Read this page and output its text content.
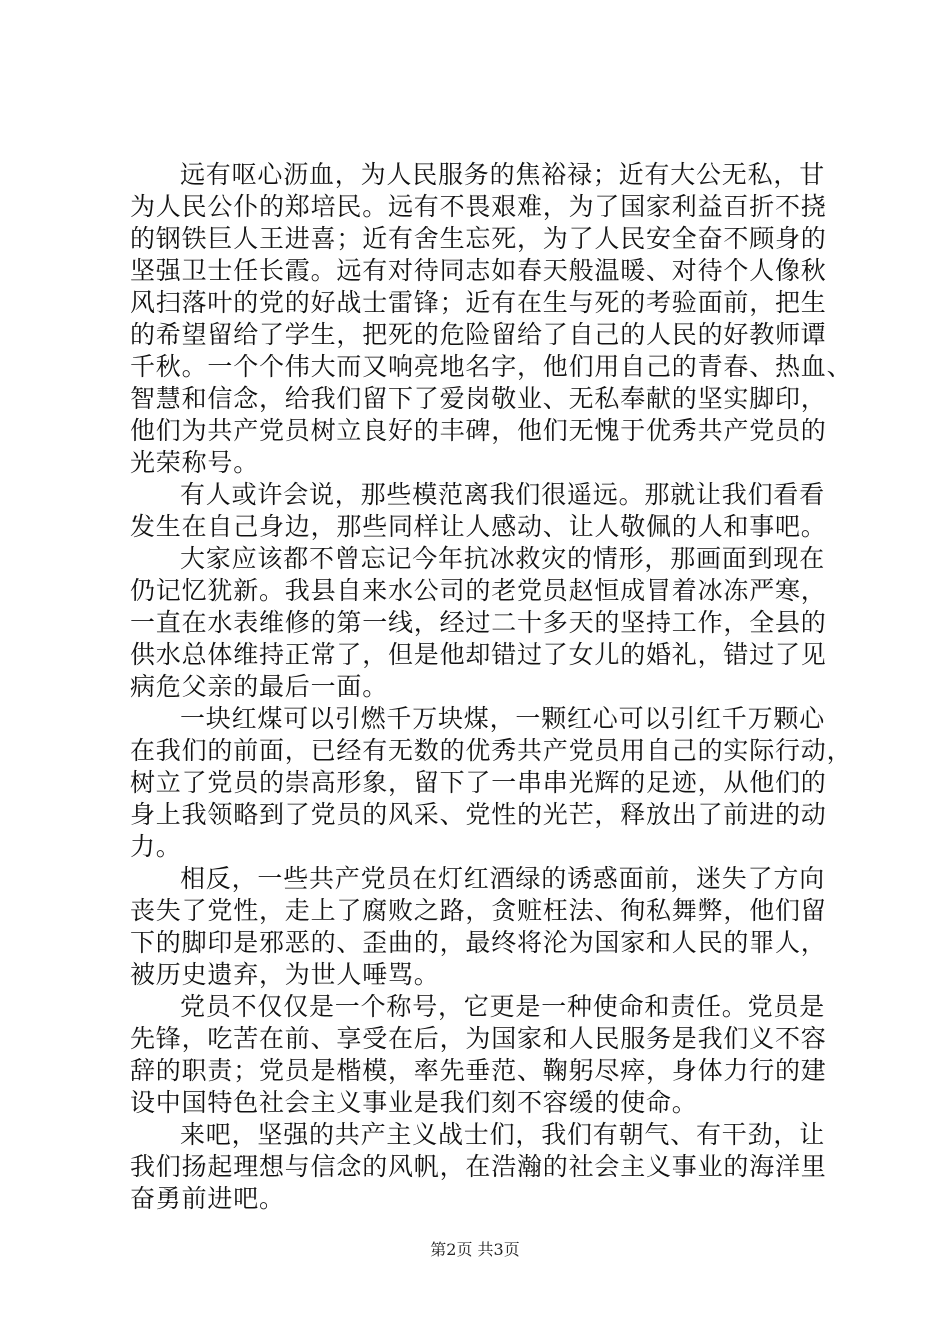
远有呕心沥血，为人民服务的焦裕禄；近有大公无私，甘
为人民公仆的郑培民。远有不畏艰难，为了国家利益百折不挠
的钢铁巨人王进喜；近有舍生忘死，为了人民安全奋不顾身的
坚强卫士任长霞。远有对待同志如春天般温暖、对待个人像秋
风扫落叶的党的好战士雷锋；近有在生与死的考验面前，把生
的希望留给了学生，把死的危险留给了自己的人民的好教师谭
千秋。一个个伟大而又响亮地名字，他们用自己的青春、热血、
智慧和信念，给我们留下了爱岗敬业、无私奉献的坚实脚印，
他们为共产党员树立良好的丰碑，他们无愧于优秀共产党员的
光荣称号。
有人或许会说，那些模范离我们很遥远。那就让我们看看
发生在自己身边，那些同样让人感动、让人敬佩的人和事吧。
大家应该都不曾忘记今年抗冰救灾的情形，那画面到现在
仍记忆犹新。我县自来水公司的老党员赵恒成冒着冰冻严寒，
一直在水表维修的第一线，经过二十多天的坚持工作，全县的
供水总体维持正常了，但是他却错过了女儿的婚礼，错过了见
病危父亲的最后一面。
一块红煤可以引燃千万块煤，一颗红心可以引红千万颗心
在我们的前面，已经有无数的优秀共产党员用自己的实际行动，
树立了党员的崇高形象，留下了一串串光辉的足迹，从他们的
身上我领略到了党员的风采、党性的光芒，释放出了前进的动
力。
相反，一些共产党员在灯红酒绿的诱惑面前，迷失了方向
丧失了党性，走上了腐败之路，贪赃枉法、徇私舞弊，他们留
下的脚印是邪恶的、歪曲的，最终将沦为国家和人民的罪人，
被历史遗弃，为世人唾骂。
党员不仅仅是一个称号，它更是一种使命和责任。党员是
先锋，吃苦在前、享受在后，为国家和人民服务是我们义不容
辞的职责；党员是楷模，率先垂范、鞠躬尽瘁，身体力行的建
设中国特色社会主义事业是我们刻不容缓的使命。
来吧，坚强的共产主义战士们，我们有朝气、有干劲，让
我们扬起理想与信念的风帆，在浩瀚的社会主义事业的海洋里
奋勇前进吧。
第2页 共3页
